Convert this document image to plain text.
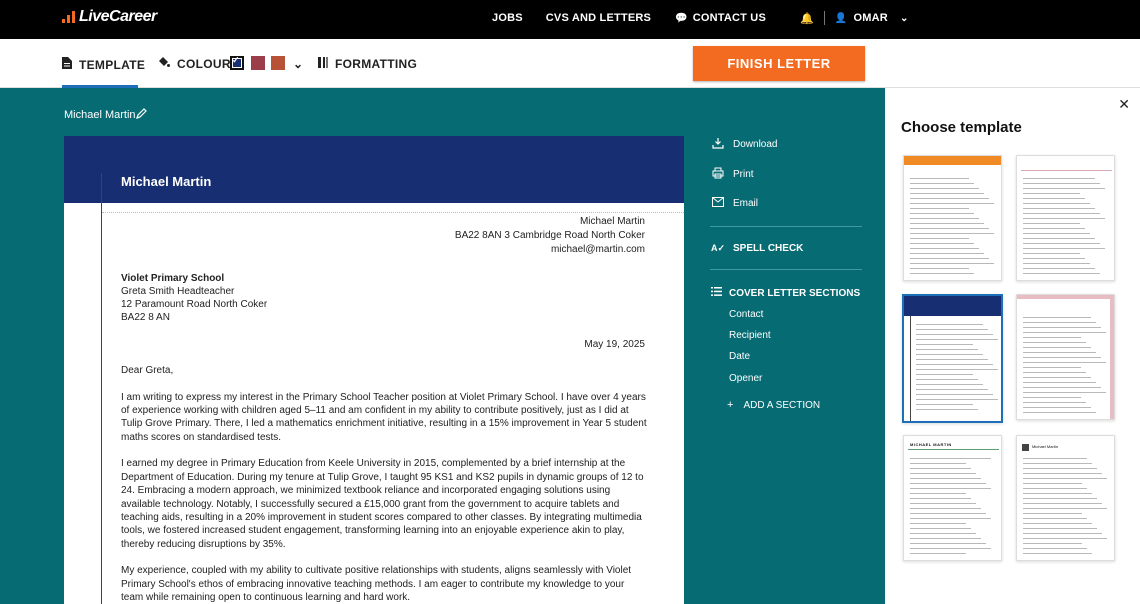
LiveCareer	JOBS CVS AND LETTERS 💬 CONTACT US	🔔 👤 OMAR ⌄
TEMPLATE	COLOUR ✓	⌄	FORMATTING	FINISH LETTER
Michael Martin
Michael Martin
Michael Martin
BA22 8AN 3 Cambridge Road North Coker
michael@martin.com
Violet Primary School
Greta Smith Headteacher
12 Paramount Road North Coker
BA22 8 AN
May 19, 2025

Dear Greta,

I am writing to express my interest in the Primary School Teacher position at Violet Primary School. I have over 4 years of experience working with children aged 5–11 and am confident in my ability to contribute positively, just as I did at Tulip Grove Primary. There, I led a mathematics enrichment initiative, resulting in a 15% improvement in Year 5 student maths scores on standardised tests.

I earned my degree in Primary Education from Keele University in 2015, complemented by a brief internship at the Department of Education. During my tenure at Tulip Grove, I taught 95 KS1 and KS2 pupils in dynamic groups of 12 to 24. Embracing a modern approach, we minimized textbook reliance and incorporated engaging solutions using available technology. Notably, I successfully secured a £15,000 grant from the government to acquire tablets and teaching aids, resulting in a 20% improvement in student scores compared to other classes. By integrating multimedia tools, we fostered increased student engagement, transforming learning into an enjoyable experience akin to play, thereby reducing disruptions by 35%.

My experience, coupled with my ability to cultivate positive relationships with students, aligns seamlessly with Violet Primary School's ethos of embracing innovative teaching methods. I am eager to contribute my knowledge to your team while remaining open to continuous learning and hard work.

Download
Print
Email
A✓ SPELL CHECK
COVER LETTER SECTIONS
Contact
Recipient
Date
Opener
+ ADD A SECTION
✕
Choose template
MICHAEL MARTIN	Michael Martin
